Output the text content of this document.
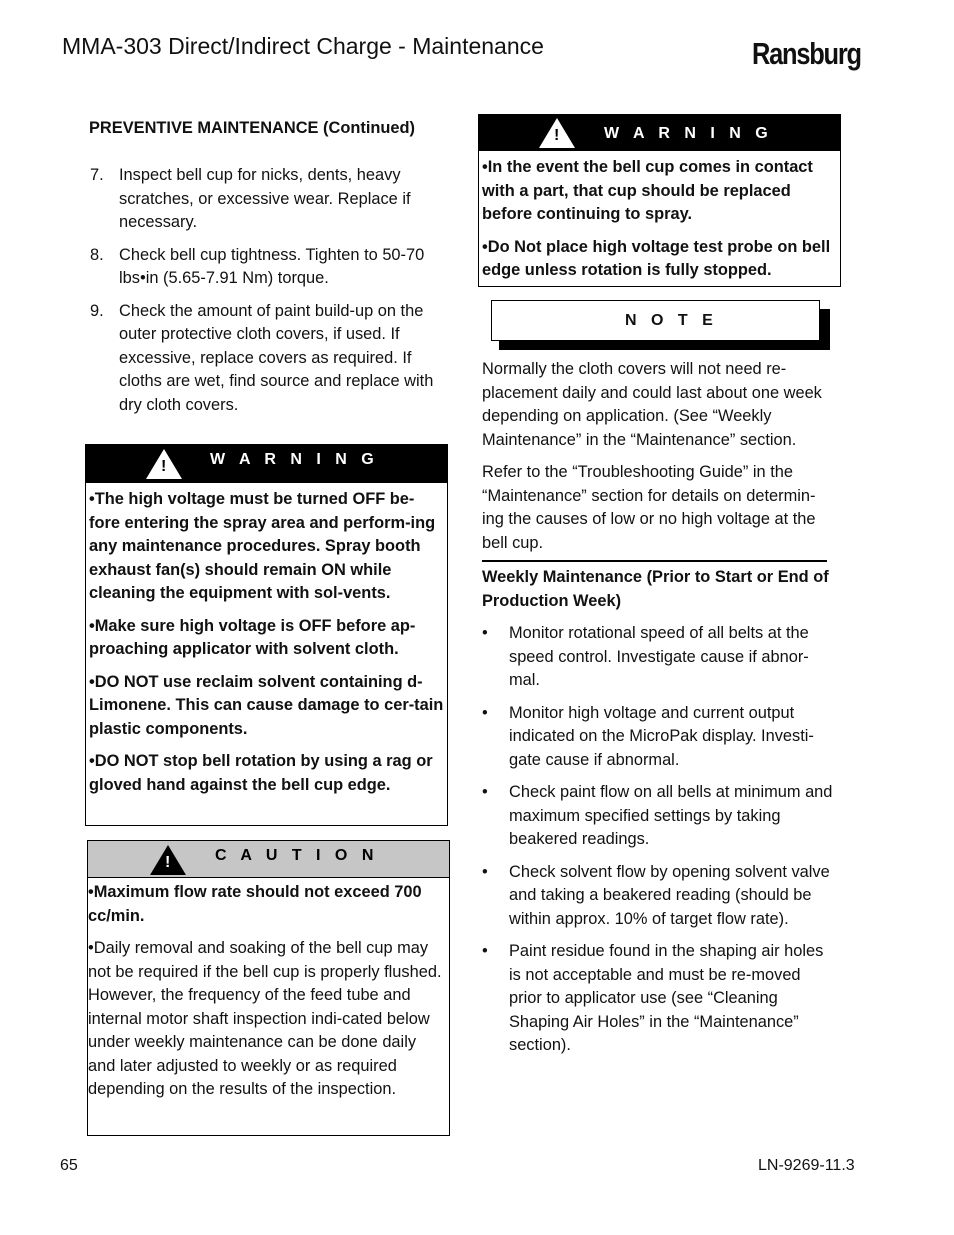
MMA-303 Direct/Indirect Charge - Maintenance	Ransburg
PREVENTIVE MAINTENANCE (Continued)
7. Inspect bell cup for nicks, dents, heavy scratches, or excessive wear. Replace if necessary.
8. Check bell cup tightness. Tighten to 50-70 lbs•in (5.65-7.91 Nm) torque.
9. Check the amount of paint build-up on the outer protective cloth covers, if used. If excessive, replace covers as required. If cloths are wet, find source and replace with dry cloth covers.
!	W A R N I N G

•The high voltage must be turned OFF be-fore entering the spray area and perform-ing any maintenance procedures. Spray booth exhaust fan(s) should remain ON while cleaning the equipment with sol-vents.

•Make sure high voltage is OFF before ap-proaching applicator with solvent cloth.

•DO NOT use reclaim solvent containing d-Limonene. This can cause damage to cer-tain plastic components.

•DO NOT stop bell rotation by using a rag or gloved hand against the bell cup edge.

!	C A U T I O N

•Maximum flow rate should not exceed 700 cc/min.

•Daily removal and soaking of the bell cup may not be required if the bell cup is properly flushed. However, the frequency of the feed tube and internal motor shaft inspection indi-cated below under weekly maintenance can be done daily and later adjusted to weekly or as required depending on the results of the inspection.

!	W A R N I N G

•In the event the bell cup comes in contact with a part, that cup should be replaced before continuing to spray.

•Do Not place high voltage test probe on bell edge unless rotation is fully stopped.

N O T E

Normally the cloth covers will not need re-placement daily and could last about one week depending on application. (See “Weekly Maintenance” in the “Maintenance” section.

Refer to the “Troubleshooting Guide” in the “Maintenance” section for details on determin-ing the causes of low or no high voltage at the bell cup.

Weekly Maintenance (Prior to Start or End of Production Week)
• Monitor rotational speed of all belts at the speed control. Investigate cause if abnor-mal.
• Monitor high voltage and current output indicated on the MicroPak display. Investi-gate cause if abnormal.
• Check paint flow on all bells at minimum and maximum specified settings by taking beakered readings.
• Check solvent flow by opening solvent valve and taking a beakered reading (should be within approx. 10% of target flow rate).
• Paint residue found in the shaping air holes is not acceptable and must be re-moved prior to applicator use (see “Cleaning Shaping Air Holes” in the “Maintenance” section).
65	LN-9269-11.3
